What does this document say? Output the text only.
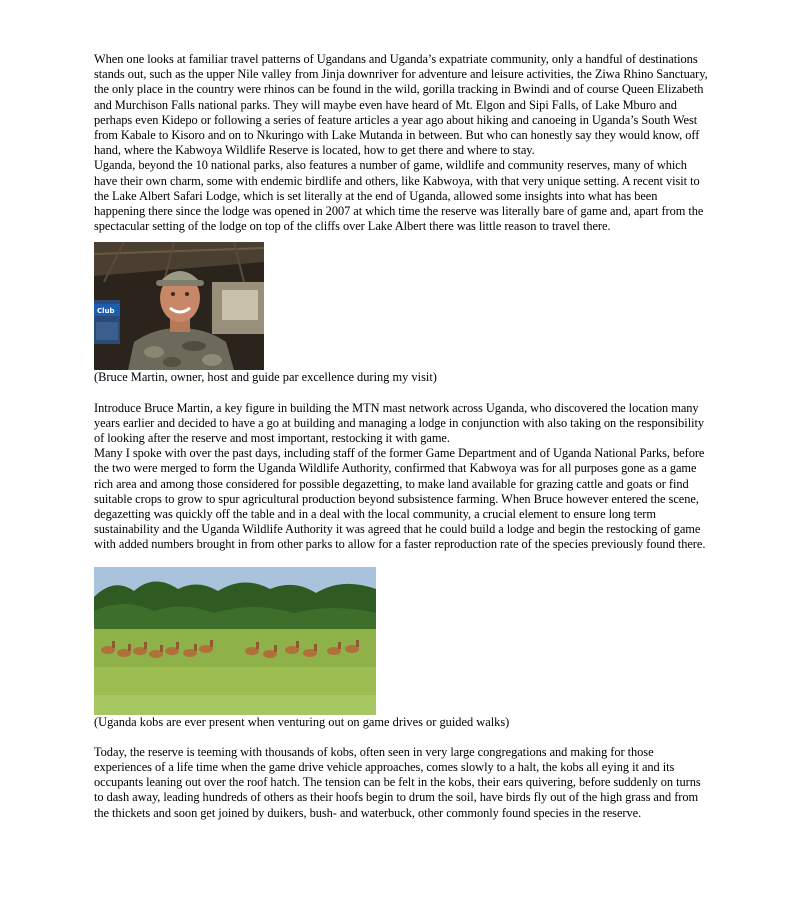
When one looks at familiar travel patterns of Ugandans and Uganda’s expatriate community, only a handful of destinations stands out, such as the upper Nile valley from Jinja downriver for adventure and leisure activities, the Ziwa Rhino Sanctuary, the only place in the country were rhinos can be found in the wild, gorilla tracking in Bwindi and of course Queen Elizabeth and Murchison Falls national parks. They will maybe even have heard of Mt. Elgon and Sipi Falls, of Lake Mburo and perhaps even Kidepo or following a series of feature articles a year ago about hiking and canoeing in Uganda’s South West from Kabale to Kisoro and on to Nkuringo with Lake Mutanda in between. But who can honestly say they would know, off hand, where the Kabwoya Wildlife Reserve is located, how to get there and where to stay.

Uganda, beyond the 10 national parks, also features a number of game, wildlife and community reserves, many of which have their own charm, some with endemic birdlife and others, like Kabwoya, with that very unique setting. A recent visit to the Lake Albert Safari Lodge, which is set literally at the end of Uganda, allowed some insights into what has been happening there since the lodge was opened in 2007 at which time the reserve was literally bare of game and, apart from the spectacular setting of the lodge on top of the cliffs over Lake Albert there was little reason to travel there.

Club

(Bruce Martin, owner, host and guide par excellence during my visit)

Introduce Bruce Martin, a key figure in building the MTN mast network across Uganda, who discovered the location many years earlier and decided to have a go at building and managing a lodge in conjunction with also taking on the responsibility of looking after the reserve and most important, restocking it with game.

Many I spoke with over the past days, including staff of the former Game Department and of Uganda National Parks, before the two were merged to form the Uganda Wildlife Authority, confirmed that Kabwoya was for all purposes gone as a game rich area and among those considered for possible degazetting, to make land available for grazing cattle and goats or find suitable crops to grow to spur agricultural production beyond subsistence farming. When Bruce however entered the scene, degazetting was quickly off the table and in a deal with the local community, a crucial element to ensure long term sustainability and the Uganda Wildlife Authority it was agreed that he could build a lodge and begin the restocking of game with added numbers brought in from other parks to allow for a faster reproduction rate of the species previously found there.

(Uganda kobs are ever present when venturing out on game drives or guided walks)

Today, the reserve is teeming with thousands of kobs, often seen in very large congregations and making for those experiences of a life time when the game drive vehicle approaches, comes slowly to a halt, the kobs all eying it and its occupants leaning out over the roof hatch. The tension can be felt in the kobs, their ears quivering, before suddenly on turns to dash away, leading hundreds of others as their hoofs begin to drum the soil, have birds fly out of the high grass and from the thickets and soon get joined by duikers, bush- and waterbuck, other commonly found species in the reserve.
